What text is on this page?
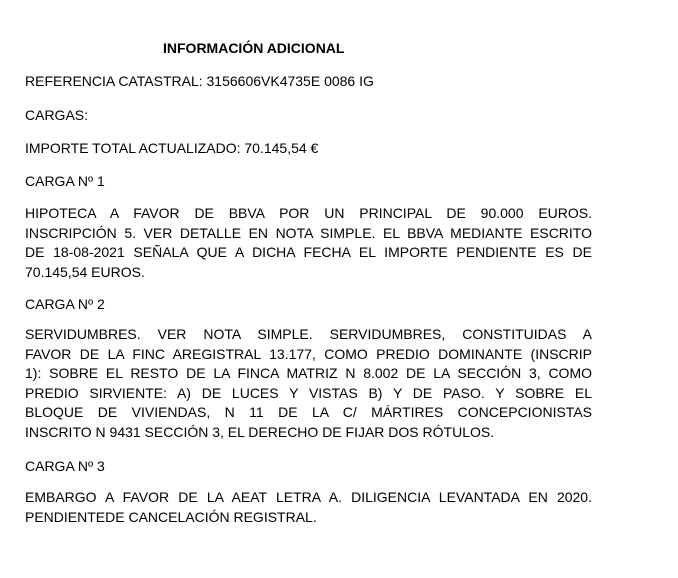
INFORMACIÓN ADICIONAL
REFERENCIA CATASTRAL: 3156606VK4735E 0086 IG
CARGAS:
IMPORTE TOTAL ACTUALIZADO: 70.145,54 €
CARGA Nº 1
HIPOTECA A FAVOR DE BBVA POR UN PRINCIPAL DE 90.000 EUROS.
INSCRIPCIÓN 5. VER DETALLE EN NOTA SIMPLE. EL BBVA MEDIANTE ESCRITO
DE 18-08-2021 SEÑALA QUE A DICHA FECHA EL IMPORTE PENDIENTE ES DE
70.145,54 EUROS.
CARGA Nº 2
SERVIDUMBRES. VER NOTA SIMPLE. SERVIDUMBRES, CONSTITUIDAS A
FAVOR DE LA FINC AREGISTRAL 13.177, COMO PREDIO DOMINANTE (INSCRIP
1): SOBRE EL RESTO DE LA FINCA MATRIZ N 8.002 DE LA SECCIÓN 3, COMO
PREDIO SIRVIENTE: A) DE LUCES Y VISTAS B) Y DE PASO. Y SOBRE EL
BLOQUE DE VIVIENDAS, N 11 DE LA C/ MÁRTIRES CONCEPCIONISTAS
INSCRITO N 9431 SECCIÓN 3, EL DERECHO DE FIJAR DOS RÓTULOS.
CARGA Nº 3
EMBARGO A FAVOR DE LA AEAT LETRA A. DILIGENCIA LEVANTADA EN 2020.
PENDIENTEDE CANCELACIÓN REGISTRAL.
